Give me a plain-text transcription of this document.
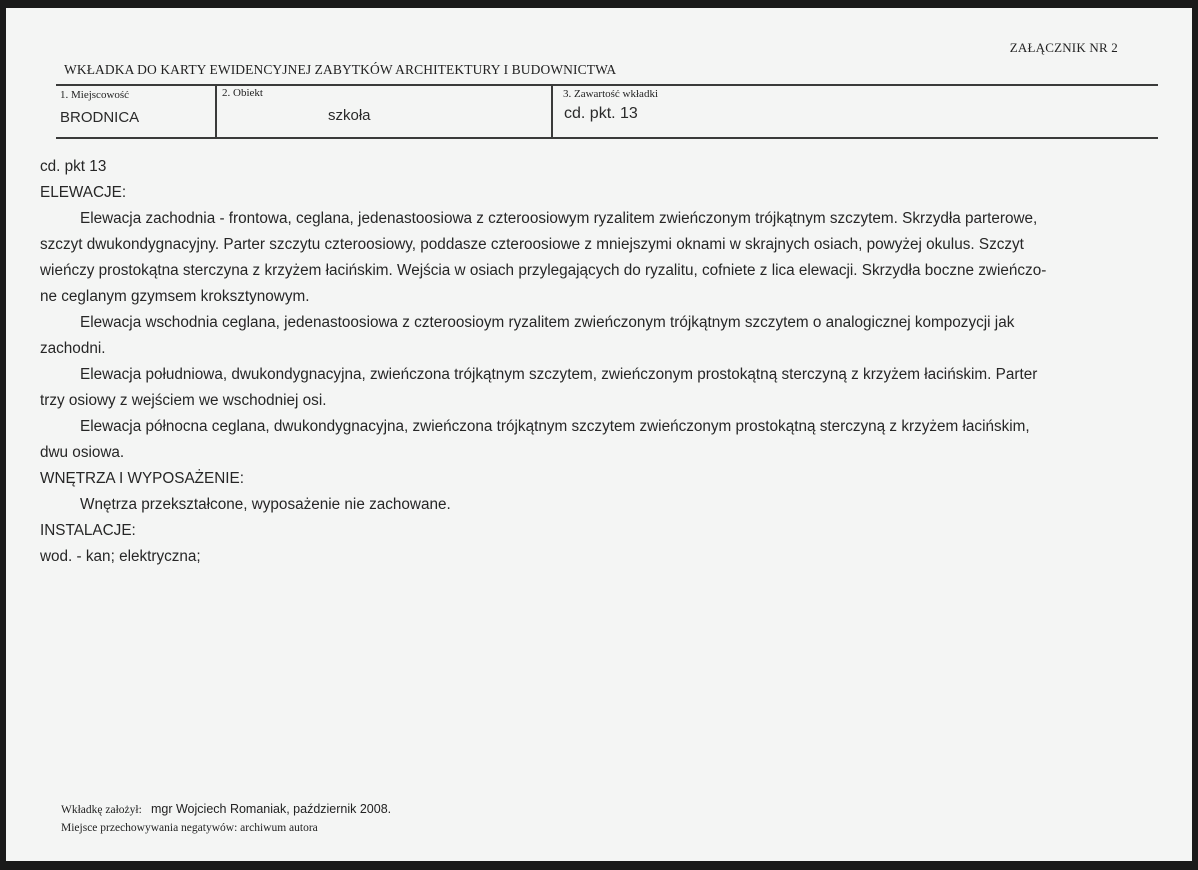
ZAŁĄCZNIK NR 2
WKŁADKA DO KARTY EWIDENCYJNEJ ZABYTKÓW ARCHITEKTURY I BUDOWNICTWA
1. Miejscowość
BRODNICA
2. Obiekt
szkoła
3. Zawartość wkładki
cd. pkt. 13
cd. pkt 13
ELEWACJE:
Elewacja zachodnia - frontowa, ceglana, jedenastoosiowa z czteroosiowym ryzalitem zwieńczonym trójkątnym szczytem. Skrzydła parterowe,
szczyt dwukondygnacyjny. Parter szczytu czteroosiowy, poddasze czteroosiowe z mniejszymi oknami w skrajnych osiach, powyżej okulus. Szczyt
wieńczy prostokątna sterczyna z krzyżem łacińskim. Wejścia w osiach przylegających do ryzalitu, cofniete z lica elewacji. Skrzydła boczne zwieńczo-
ne ceglanym gzymsem kroksztynowym.
Elewacja wschodnia ceglana, jedenastoosiowa z czteroosioym ryzalitem zwieńczonym trójkątnym szczytem o analogicznej kompozycji jak
zachodni.
Elewacja południowa, dwukondygnacyjna, zwieńczona trójkątnym szczytem, zwieńczonym prostokątną sterczyną z krzyżem łacińskim. Parter
trzy osiowy z wejściem we wschodniej osi.
Elewacja północna ceglana, dwukondygnacyjna, zwieńczona trójkątnym szczytem zwieńczonym prostokątną sterczyną z krzyżem łacińskim,
dwu osiowa.
WNĘTRZA I WYPOSAŻENIE:
Wnętrza przekształcone, wyposażenie nie zachowane.
INSTALACJE:
wod. - kan; elektryczna;
Wkładkę założył: mgr Wojciech Romaniak, październik 2008.
Miejsce przechowywania negatywów: archiwum autora
